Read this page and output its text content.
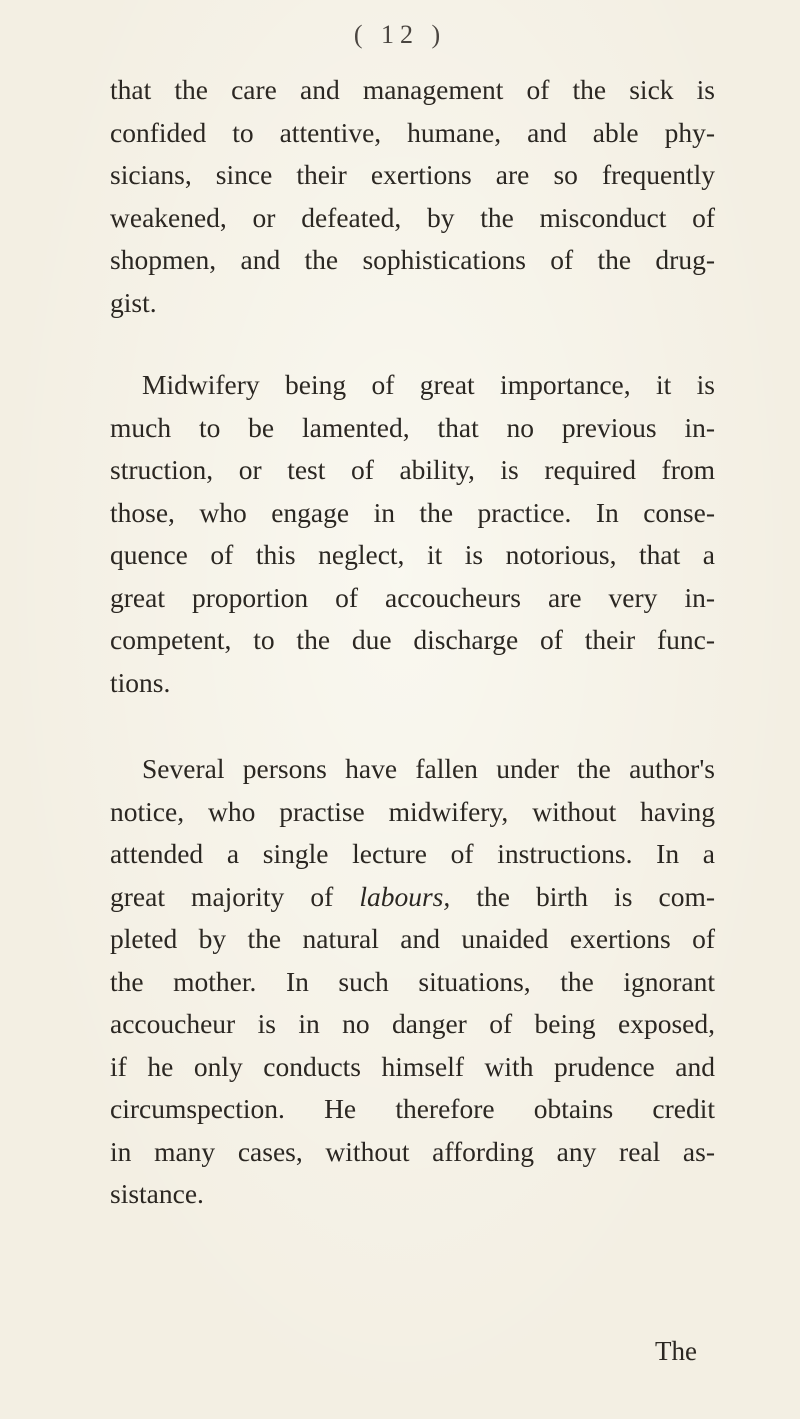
( 12 )
that the care and management of the sick is
confided to attentive, humane, and able phy-
sicians, since their exertions are so frequently
weakened, or defeated, by the misconduct of
shopmen, and the sophistications of the drug-
gist.
Midwifery being of great importance, it is
much to be lamented, that no previous in-
struction, or test of ability, is required from
those, who engage in the practice. In conse-
quence of this neglect, it is notorious, that a
great proportion of accoucheurs are very in-
competent, to the due discharge of their func-
tions.
Several persons have fallen under the author's
notice, who practise midwifery, without having
attended a single lecture of instructions. In a
great majority of labours, the birth is com-
pleted by the natural and unaided exertions of
the mother. In such situations, the ignorant
accoucheur is in no danger of being exposed,
if he only conducts himself with prudence and
circumspection. He therefore obtains credit
in many cases, without affording any real as-
sistance.
The
